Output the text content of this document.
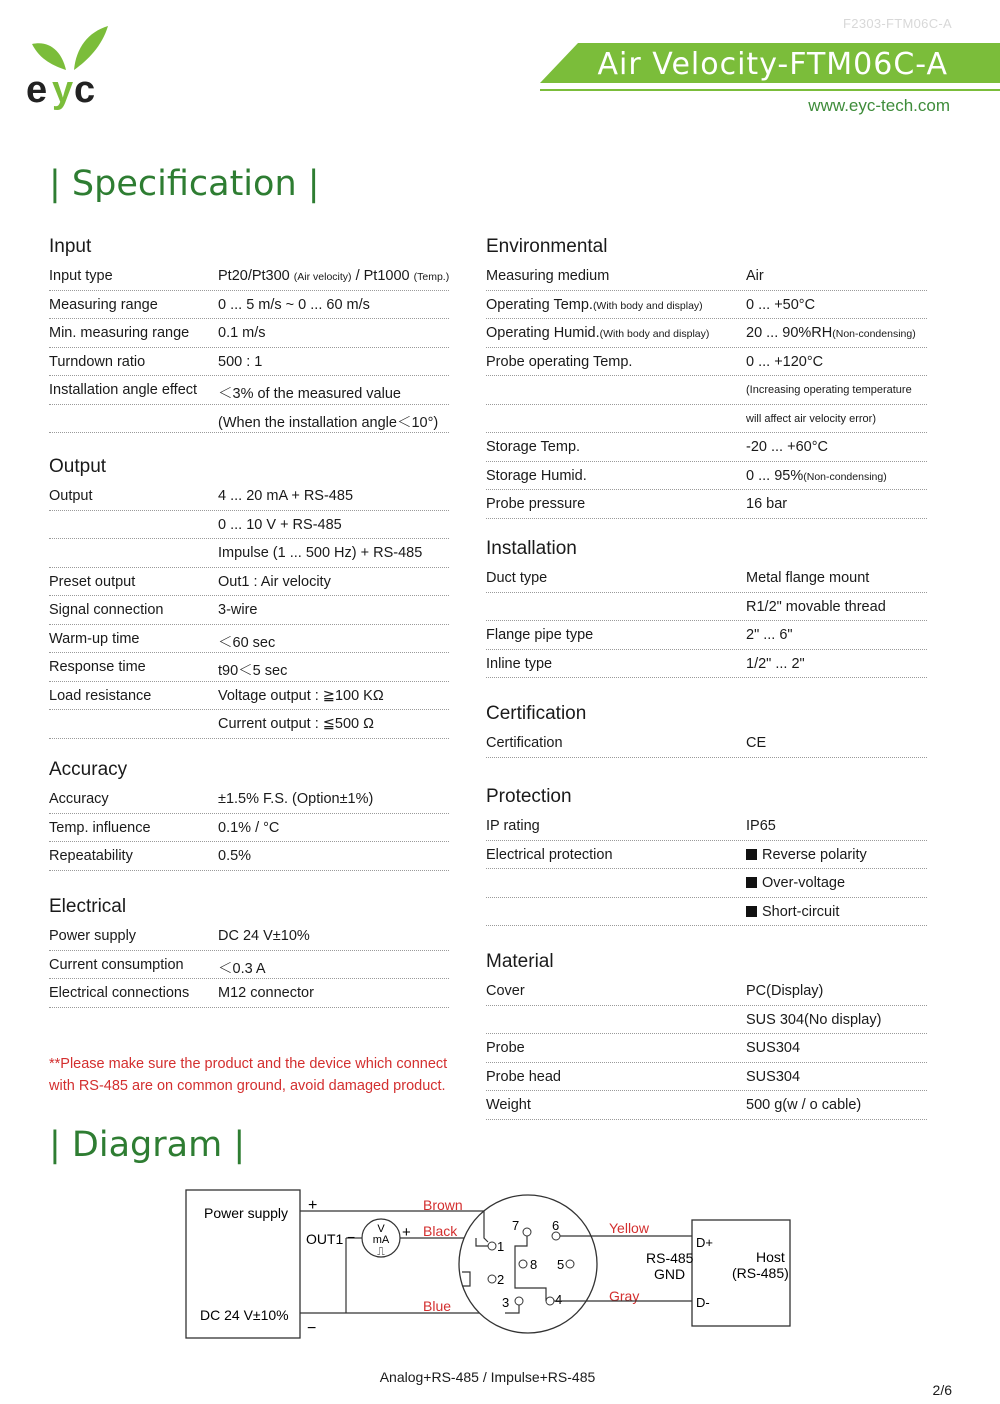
F2303-FTM06C-A
e y c
Air Velocity-FTM06C-A
www.eyc-tech.com
| Specification |
Input
Input type	Pt20/Pt300 (Air velocity) / Pt1000 (Temp.)
Measuring range	0 ... 5 m/s ~ 0 ... 60 m/s
Min. measuring range 0.1 m/s
Turndown ratio	500 : 1
Installation angle effect ＜3% of the measured value
(When the installation angle＜10°)
Output
Output	4 ... 20 mA + RS-485
0 ... 10 V + RS-485
Impulse (1 ... 500 Hz) + RS-485
Preset output	Out1 : Air velocity
Signal connection	3-wire
Warm-up time	＜60 sec
Response time	t90＜5 sec
Load resistance	Voltage output : ≧100 KΩ
Current output : ≦500 Ω
Accuracy
Accuracy	±1.5% F.S. (Option±1%)
Temp. influence	0.1% / °C
Repeatability	0.5%
Electrical
Power supply	DC 24 V±10%
Current consumption ＜0.3 A
Electrical connections M12 connector
**Please make sure the product and the device which connect with RS-485 are on common ground, avoid damaged product.
Environmental
Measuring medium	Air
Operating Temp.(With body and display)	0 ... +50°C
Operating Humid.(With body and display)	20 ... 90%RH(Non-condensing)
Probe operating Temp.	0 ... +120°C
(Increasing operating temperature
will affect air velocity error)
Storage Temp.	-20 ... +60°C
Storage Humid.	0 ... 95%(Non-condensing)
Probe pressure	16 bar
Installation
Duct type	Metal flange mount
R1/2" movable thread
Flange pipe type	2" ... 6"
Inline type	1/2" ... 2"
Certification
Certification	CE
Protection
IP rating	IP65
Electrical protection	Reverse polarity
Over-voltage
Short-circuit
Material
Cover	PC(Display)
SUS 304(No display)
Probe	SUS304
Probe head	SUS304
Weight	500 g(w / o cable)
| Diagram |
Power supply
DC 24 V±10%
+
−
OUT1 −	+
V
mA
⎍
Brown
Black
Blue
Yellow
Gray
1
2
3	4
5
6
7
8	RS-485
GND
D+
D-
Host
(RS-485)
Analog+RS-485 / Impulse+RS-485
2/6
